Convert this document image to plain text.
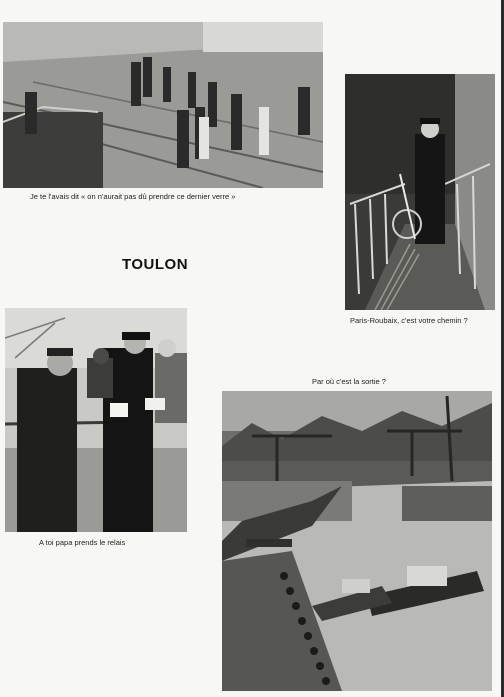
Je te l'avais dit « on n'aurait pas dû prendre ce dernier verre »
Paris-Roubaix, c'est votre chemin ?
TOULON
A toi papa prends le relais
Par où c'est la sortie ?
